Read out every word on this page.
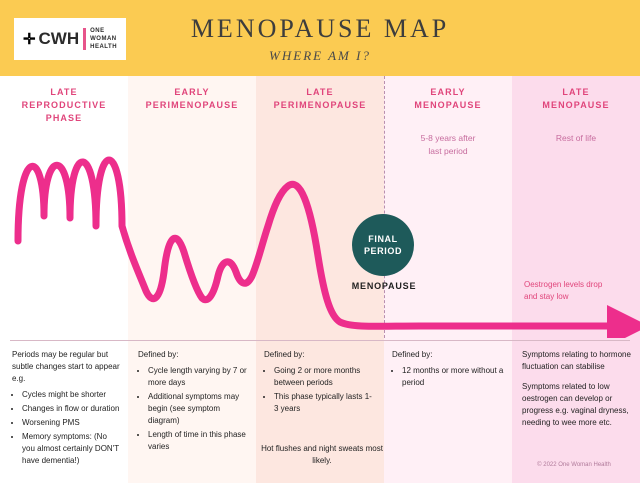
✛ CWH ONE
WOMAN
HEALTH
MENOPAUSE MAP
WHERE AM I?
LATE
REPRODUCTIVE
PHASE
EARLY
PERIMENOPAUSE
LATE
PERIMENOPAUSE
EARLY
MENOPAUSE
LATE
MENOPAUSE
5-8 years after
last period
Rest of life
FINAL
PERIOD
MENOPAUSE	Oestrogen levels drop
and stay low
Periods may be regular but subtle changes start to appear e.g.
• Cycles might be shorter
• Changes in flow or duration
• Worsening PMS
• Memory symptoms: (No you almost certainly DON'T have dementia!)
Defined by:
• Cycle length varying by 7 or more days
• Additional symptoms may begin (see symptom diagram)
• Length of time in this phase varies
Defined by:
• Going 2 or more months between periods
• This phase typically lasts 1-3 years
Defined by:
• 12 months or more without a period
Symptoms relating to hormone fluctuation can stabilise
Symptoms related to low oestrogen can develop or progress e.g. vaginal dryness, needing to wee more etc.
Hot flushes and night sweats most likely.	© 2022 One Woman Health
